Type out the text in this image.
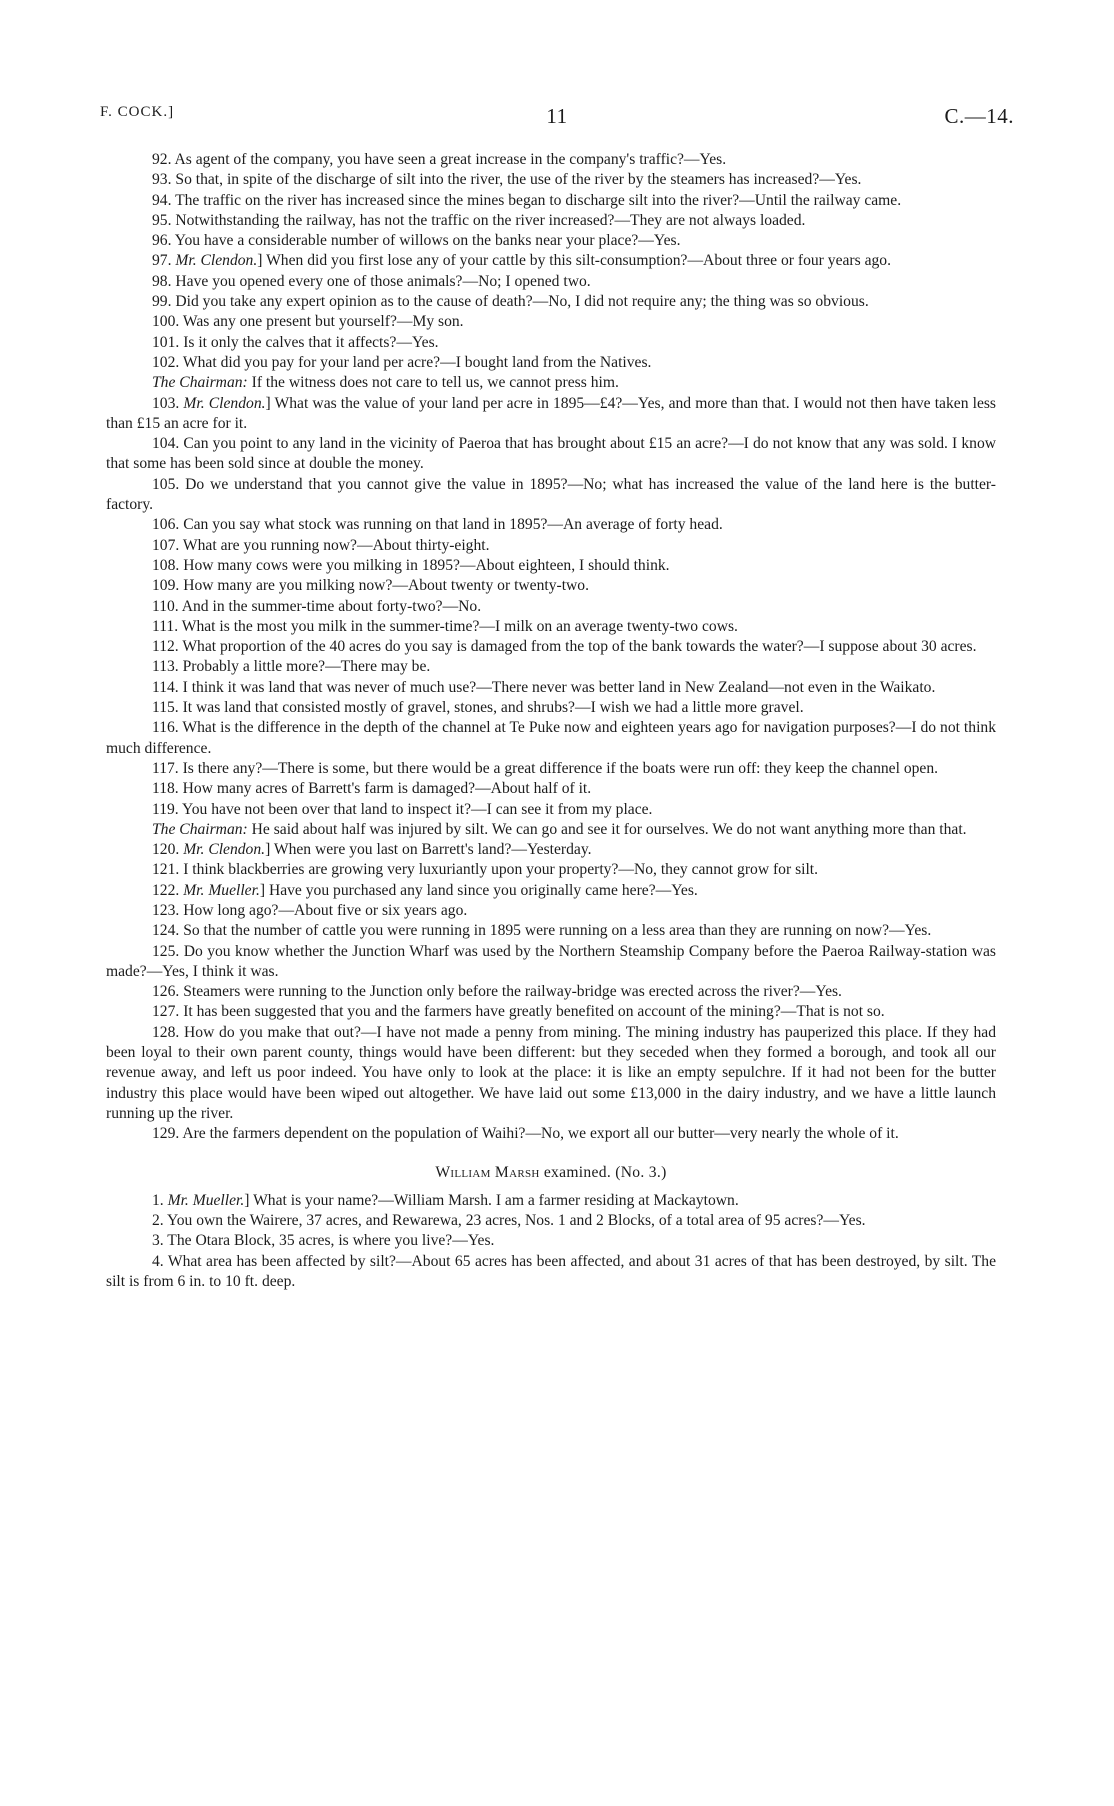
F. COCK.]	11	C.—14.

92. As agent of the company, you have seen a great increase in the company's traffic?—Yes.

93. So that, in spite of the discharge of silt into the river, the use of the river by the steamers has increased?—Yes.

94. The traffic on the river has increased since the mines began to discharge silt into the river?—Until the railway came.

95. Notwithstanding the railway, has not the traffic on the river increased?—They are not always loaded.

96. You have a considerable number of willows on the banks near your place?—Yes.

97. Mr. Clendon.] When did you first lose any of your cattle by this silt-consumption?—About three or four years ago.

98. Have you opened every one of those animals?—No; I opened two.

99. Did you take any expert opinion as to the cause of death?—No, I did not require any; the thing was so obvious.

100. Was any one present but yourself?—My son.

101. Is it only the calves that it affects?—Yes.

102. What did you pay for your land per acre?—I bought land from the Natives.

The Chairman: If the witness does not care to tell us, we cannot press him.

103. Mr. Clendon.] What was the value of your land per acre in 1895—£4?—Yes, and more than that. I would not then have taken less than £15 an acre for it.

104. Can you point to any land in the vicinity of Paeroa that has brought about £15 an acre?—I do not know that any was sold. I know that some has been sold since at double the money.

105. Do we understand that you cannot give the value in 1895?—No; what has increased the value of the land here is the butter-factory.

106. Can you say what stock was running on that land in 1895?—An average of forty head.

107. What are you running now?—About thirty-eight.

108. How many cows were you milking in 1895?—About eighteen, I should think.

109. How many are you milking now?—About twenty or twenty-two.

110. And in the summer-time about forty-two?—No.

111. What is the most you milk in the summer-time?—I milk on an average twenty-two cows.

112. What proportion of the 40 acres do you say is damaged from the top of the bank towards the water?—I suppose about 30 acres.

113. Probably a little more?—There may be.

114. I think it was land that was never of much use?—There never was better land in New Zealand—not even in the Waikato.

115. It was land that consisted mostly of gravel, stones, and shrubs?—I wish we had a little more gravel.

116. What is the difference in the depth of the channel at Te Puke now and eighteen years ago for navigation purposes?—I do not think much difference.

117. Is there any?—There is some, but there would be a great difference if the boats were run off: they keep the channel open.

118. How many acres of Barrett's farm is damaged?—About half of it.

119. You have not been over that land to inspect it?—I can see it from my place.

The Chairman: He said about half was injured by silt. We can go and see it for ourselves. We do not want anything more than that.

120. Mr. Clendon.] When were you last on Barrett's land?—Yesterday.

121. I think blackberries are growing very luxuriantly upon your property?—No, they cannot grow for silt.

122. Mr. Mueller.] Have you purchased any land since you originally came here?—Yes.

123. How long ago?—About five or six years ago.

124. So that the number of cattle you were running in 1895 were running on a less area than they are running on now?—Yes.

125. Do you know whether the Junction Wharf was used by the Northern Steamship Company before the Paeroa Railway-station was made?—Yes, I think it was.

126. Steamers were running to the Junction only before the railway-bridge was erected across the river?—Yes.

127. It has been suggested that you and the farmers have greatly benefited on account of the mining?—That is not so.

128. How do you make that out?—I have not made a penny from mining. The mining industry has pauperized this place. If they had been loyal to their own parent county, things would have been different: but they seceded when they formed a borough, and took all our revenue away, and left us poor indeed. You have only to look at the place: it is like an empty sepulchre. If it had not been for the butter industry this place would have been wiped out altogether. We have laid out some £13,000 in the dairy industry, and we have a little launch running up the river.

129. Are the farmers dependent on the population of Waihi?—No, we export all our butter—very nearly the whole of it.

William Marsh examined. (No. 3.)

1. Mr. Mueller.] What is your name?—William Marsh. I am a farmer residing at Mackaytown.

2. You own the Wairere, 37 acres, and Rewarewa, 23 acres, Nos. 1 and 2 Blocks, of a total area of 95 acres?—Yes.

3. The Otara Block, 35 acres, is where you live?—Yes.

4. What area has been affected by silt?—About 65 acres has been affected, and about 31 acres of that has been destroyed, by silt. The silt is from 6 in. to 10 ft. deep.
